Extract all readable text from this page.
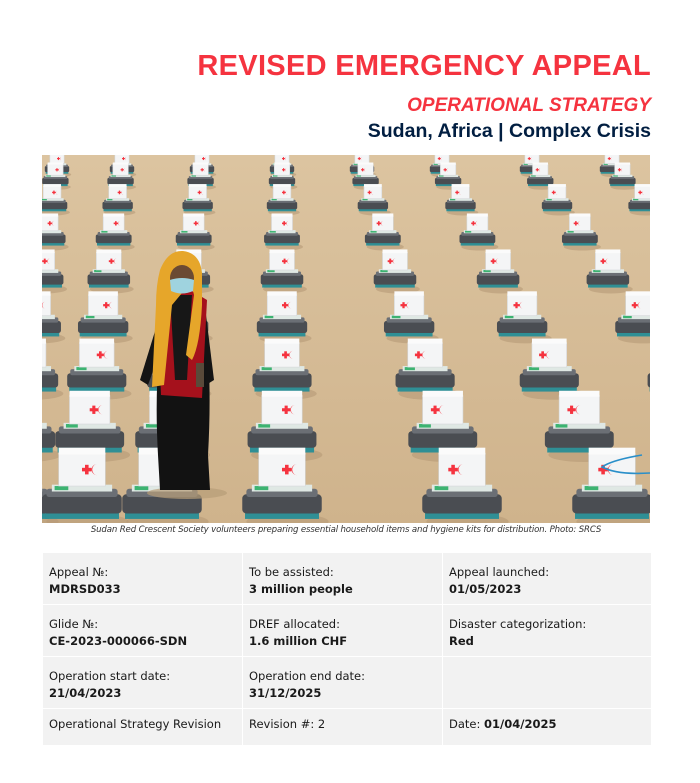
REVISED EMERGENCY APPEAL
OPERATIONAL STRATEGY
Sudan, Africa | Complex Crisis
Sudan Red Crescent Society volunteers preparing essential household items and hygiene kits for distribution. Photo: SRCS
Appeal №:
MDRSD033	To be assisted:
3 million people	Appeal launched:
01/05/2023

Glide №:
CE-2023-000066-SDN	DREF allocated:
1.6 million CHF	Disaster categorization:
Red

Operation start date:
21/04/2023	Operation end date:
31/12/2025	

Operational Strategy Revision	Revision #: 2	Date: 01/04/2025
